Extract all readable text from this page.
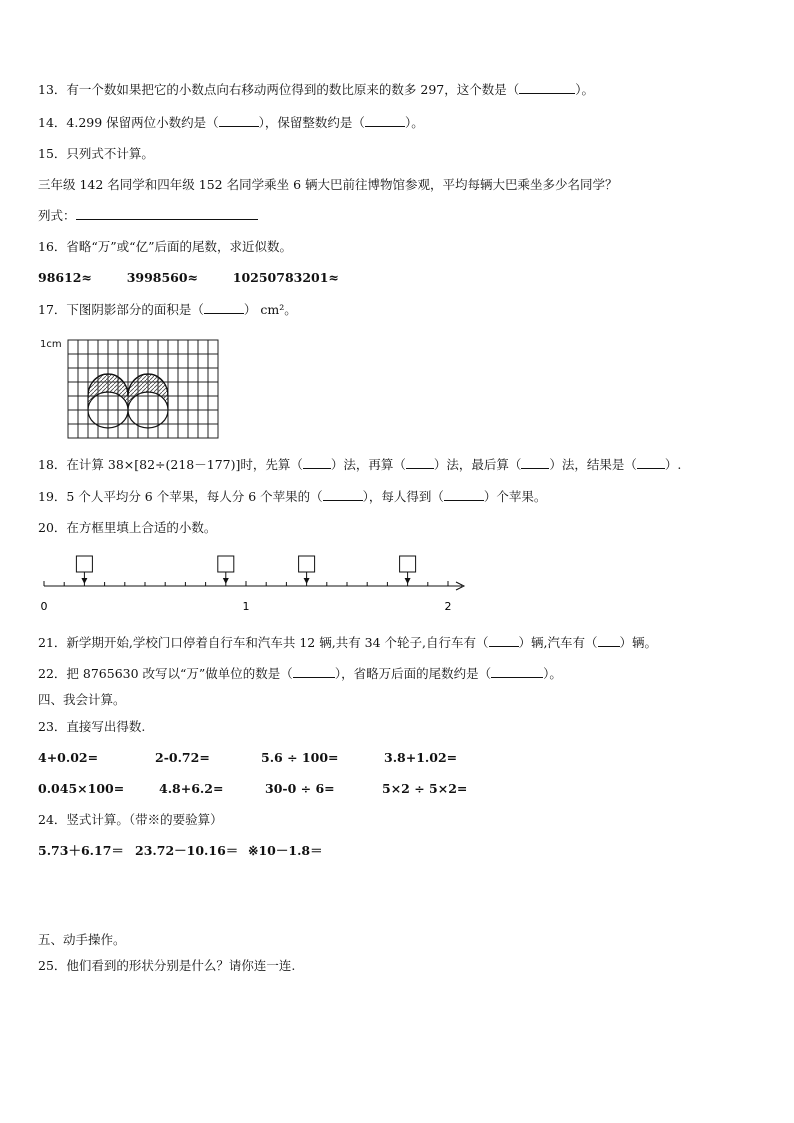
13．有一个数如果把它的小数点向右移动两位得到的数比原来的数多 297，这个数是（	）。
14．4.299 保留两位小数约是（	），保留整数约是（	）。
15．只列式不计算。
三年级 142 名同学和四年级 152 名同学乘坐 6 辆大巴前往博物馆参观，平均每辆大巴乘坐多少名同学？
列式：
16．省略“万”或“亿”后面的尾数，求近似数。
98612≈	3998560≈	10250783201≈
17．下图阴影部分的面积是（	） cm²。
1cm
18．在计算 38×[82÷(218－177)]时，先算（ ）法，再算（ ）法，最后算（ ）法，结果是（ ）.
19．5 个人平均分 6 个苹果，每人分 6 个苹果的（	），每人得到（	）个苹果。
20．在方框里填上合适的小数。
0	1	2
21．新学期开始,学校门口停着自行车和汽车共 12 辆,共有 34 个轮子,自行车有（ ）辆,汽车有（ ）辆。
22．把 8765630 改写以“万”做单位的数是（	），省略万后面的尾数约是（	）。
四、我会计算。
23．直接写出得数.
4+0.02=	2-0.72=	5.6 ÷ 100=	3.8+1.02=
0.045×100=	4.8+6.2=	30-0 ÷ 6=	5×2 ÷ 5×2=
24．竖式计算。（带※的要验算）
5.73＋6.17＝ 23.72－10.16＝ ※10－1.8＝
五、动手操作。
25．他们看到的形状分别是什么？请你连一连.
